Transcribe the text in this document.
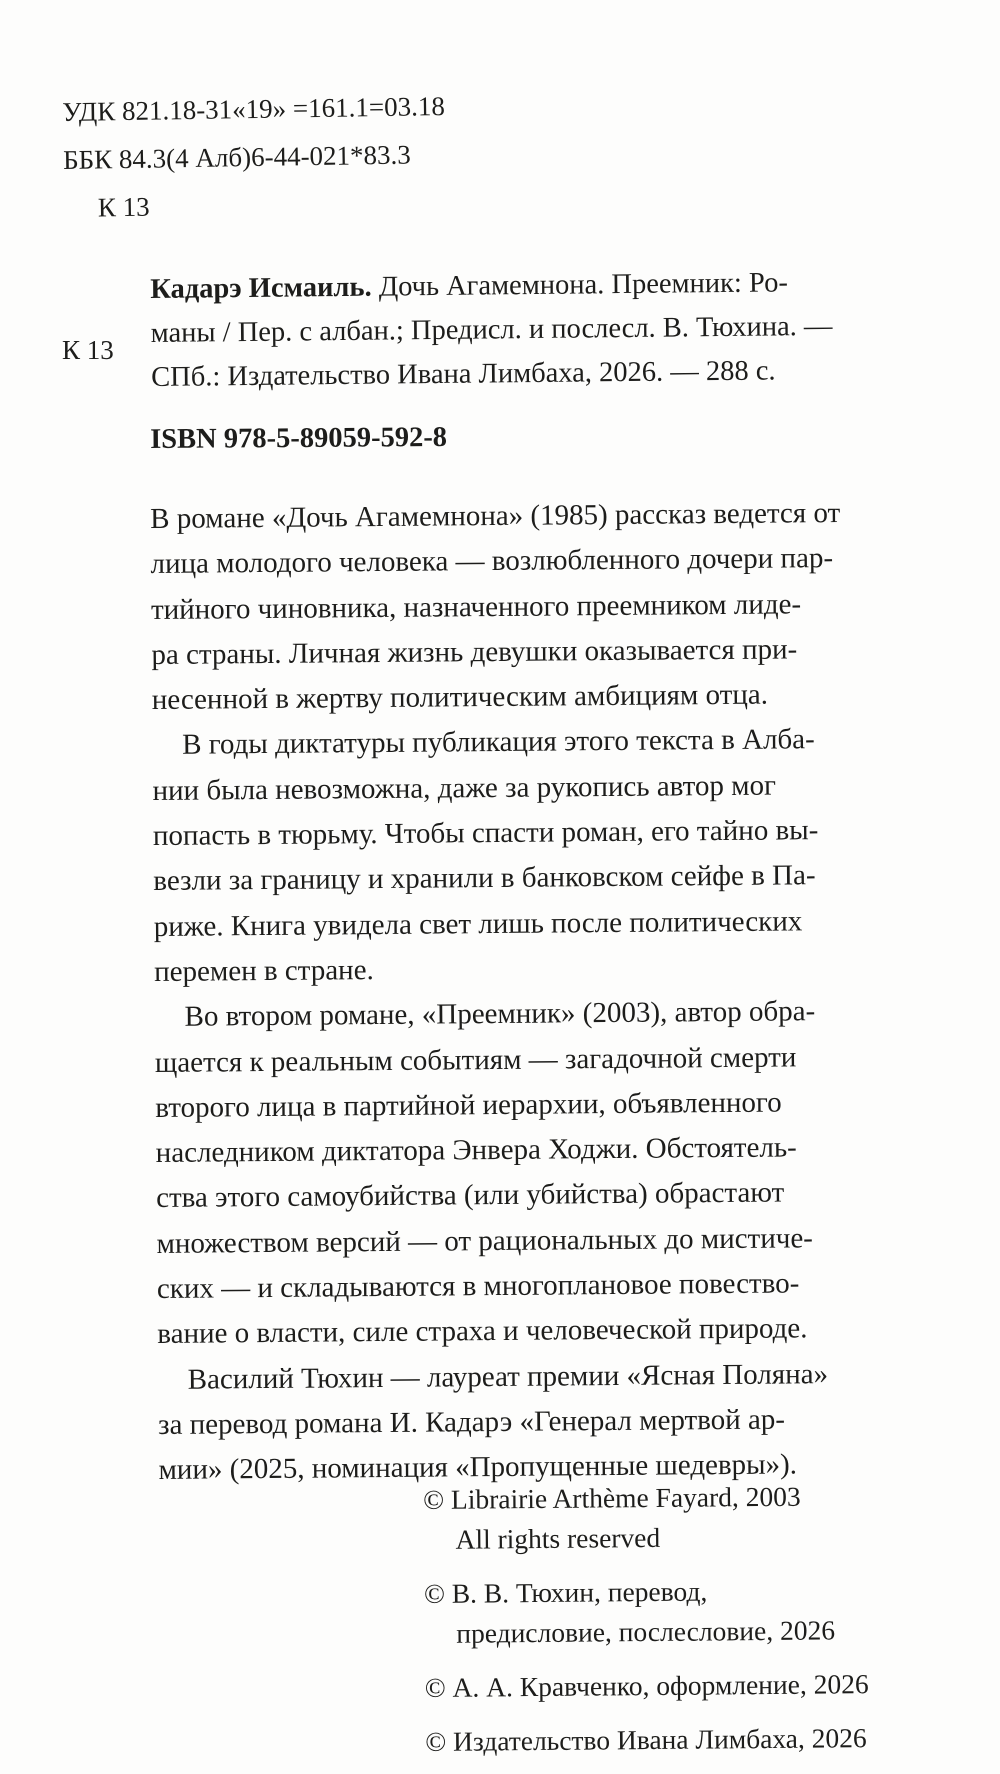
УДК 821.18-31«19» =161.1=03.18
ББК 84.3(4 Алб)6-44-021*83.3
К 13
К 13
Кадарэ Исмаиль. Дочь Агамемнона. Преемник: Ро-
маны / Пер. с албан.; Предисл. и послесл. В. Тюхина. —
СПб.: Издательство Ивана Лимбаха, 2026. — 288 с.
ISBN 978-5-89059-592-8
В романе «Дочь Агамемнона» (1985) рассказ ведется от
лица молодого человека — возлюбленного дочери пар-
тийного чиновника, назначенного преемником лиде-
ра страны. Личная жизнь девушки оказывается при-
несенной в жертву политическим амбициям отца.
В годы диктатуры публикация этого текста в Алба-
нии была невозможна, даже за рукопись автор мог
попасть в тюрьму. Чтобы спасти роман, его тайно вы-
везли за границу и хранили в банковском сейфе в Па-
риже. Книга увидела свет лишь после политических
перемен в стране.
Во втором романе, «Преемник» (2003), автор обра-
щается к реальным событиям — загадочной смерти
второго лица в партийной иерархии, объявленного
наследником диктатора Энвера Ходжи. Обстоятель-
ства этого самоубийства (или убийства) обрастают
множеством версий — от рациональных до мистиче-
ских — и складываются в многоплановое повество-
вание о власти, силе страха и человеческой природе.
Василий Тюхин — лауреат премии «Ясная Поляна»
за перевод романа И. Кадарэ «Генерал мертвой ар-
мии» (2025, номинация «Пропущенные шедевры»).
© Librairie Arthème Fayard, 2003
All rights reserved
© В. В. Тюхин, перевод,
предисловие, послесловие, 2026
© А. А. Кравченко, оформление, 2026
© Издательство Ивана Лимбаха, 2026
